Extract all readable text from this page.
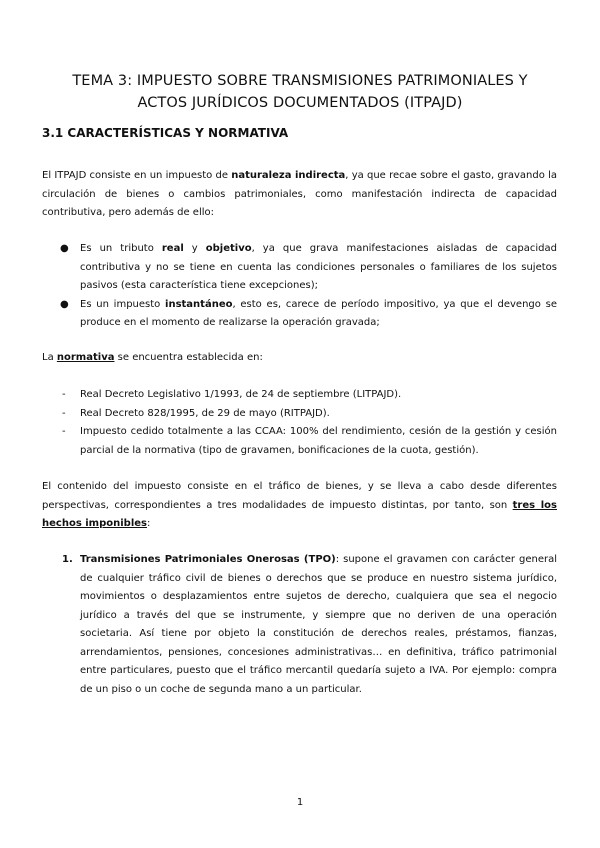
TEMA 3: IMPUESTO SOBRE TRANSMISIONES PATRIMONIALES Y
ACTOS JURÍDICOS DOCUMENTADOS (ITPAJD)
3.1 CARACTERÍSTICAS Y NORMATIVA

El ITPAJD consiste en un impuesto de naturaleza indirecta, ya que recae sobre el gasto, gravando la circulación de bienes o cambios patrimoniales, como manifestación indirecta de capacidad contributiva, pero además de ello:

● Es un tributo real y objetivo, ya que grava manifestaciones aisladas de capacidad contributiva y no se tiene en cuenta las condiciones personales o familiares de los sujetos pasivos (esta característica tiene excepciones);
● Es un impuesto instantáneo, esto es, carece de período impositivo, ya que el devengo se produce en el momento de realizarse la operación gravada;

La normativa se encuentra establecida en:

- Real Decreto Legislativo 1/1993, de 24 de septiembre (LITPAJD).
- Real Decreto 828/1995, de 29 de mayo (RITPAJD).
- Impuesto cedido totalmente a las CCAA: 100% del rendimiento, cesión de la gestión y cesión parcial de la normativa (tipo de gravamen, bonificaciones de la cuota, gestión).

El contenido del impuesto consiste en el tráfico de bienes, y se lleva a cabo desde diferentes perspectivas, correspondientes a tres modalidades de impuesto distintas, por tanto, son tres los hechos imponibles:

1. Transmisiones Patrimoniales Onerosas (TPO): supone el gravamen con carácter general de cualquier tráfico civil de bienes o derechos que se produce en nuestro sistema jurídico, movimientos o desplazamientos entre sujetos de derecho, cualquiera que sea el negocio jurídico a través del que se instrumente, y siempre que no deriven de una operación societaria. Así tiene por objeto la constitución de derechos reales, préstamos, fianzas, arrendamientos, pensiones, concesiones administrativas… en definitiva, tráfico patrimonial entre particulares, puesto que el tráfico mercantil quedaría sujeto a IVA. Por ejemplo: compra de un piso o un coche de segunda mano a un particular.
1
